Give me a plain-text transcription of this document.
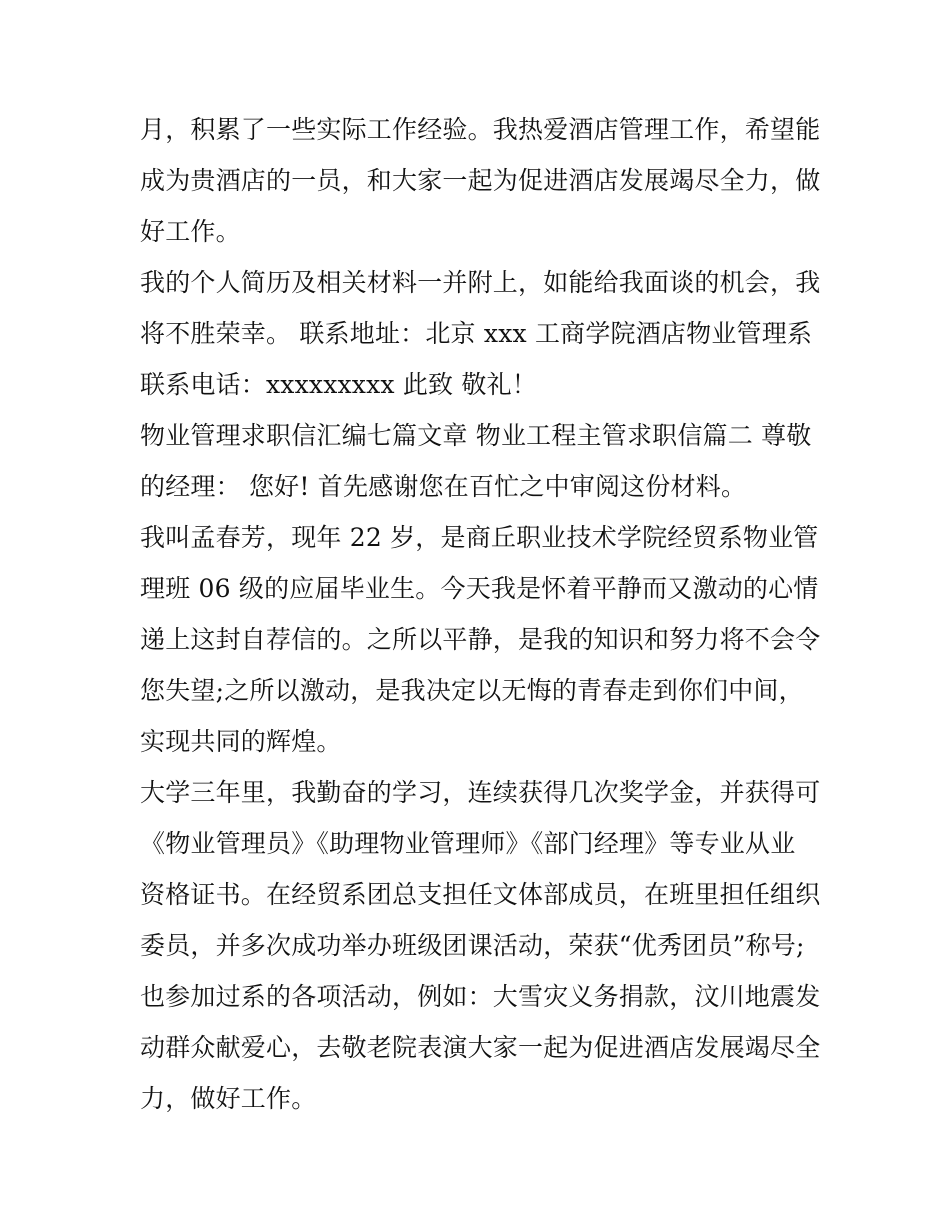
月，积累了一些实际工作经验。我热爱酒店管理工作，希望能
成为贵酒店的一员，和大家一起为促进酒店发展竭尽全力，做
好工作。
我的个人简历及相关材料一并附上，如能给我面谈的机会，我
将不胜荣幸。 联系地址：北京 xxx 工商学院酒店物业管理系
联系电话：xxxxxxxxx 此致 敬礼！
物业管理求职信汇编七篇文章 物业工程主管求职信篇二 尊敬
的经理： 您好! 首先感谢您在百忙之中审阅这份材料。
我叫孟春芳，现年 22 岁，是商丘职业技术学院经贸系物业管
理班 06 级的应届毕业生。今天我是怀着平静而又激动的心情
递上这封自荐信的。之所以平静，是我的知识和努力将不会令
您失望;之所以激动，是我决定以无悔的青春走到你们中间，
实现共同的辉煌。
大学三年里，我勤奋的学习，连续获得几次奖学金，并获得可
《物业管理员》《助理物业管理师》《部门经理》等专业从业
资格证书。在经贸系团总支担任文体部成员，在班里担任组织
委员，并多次成功举办班级团课活动，荣获“优秀团员”称号;
也参加过系的各项活动，例如：大雪灾义务捐款，汶川地震发
动群众献爱心，去敬老院表演大家一起为促进酒店发展竭尽全
力，做好工作。
